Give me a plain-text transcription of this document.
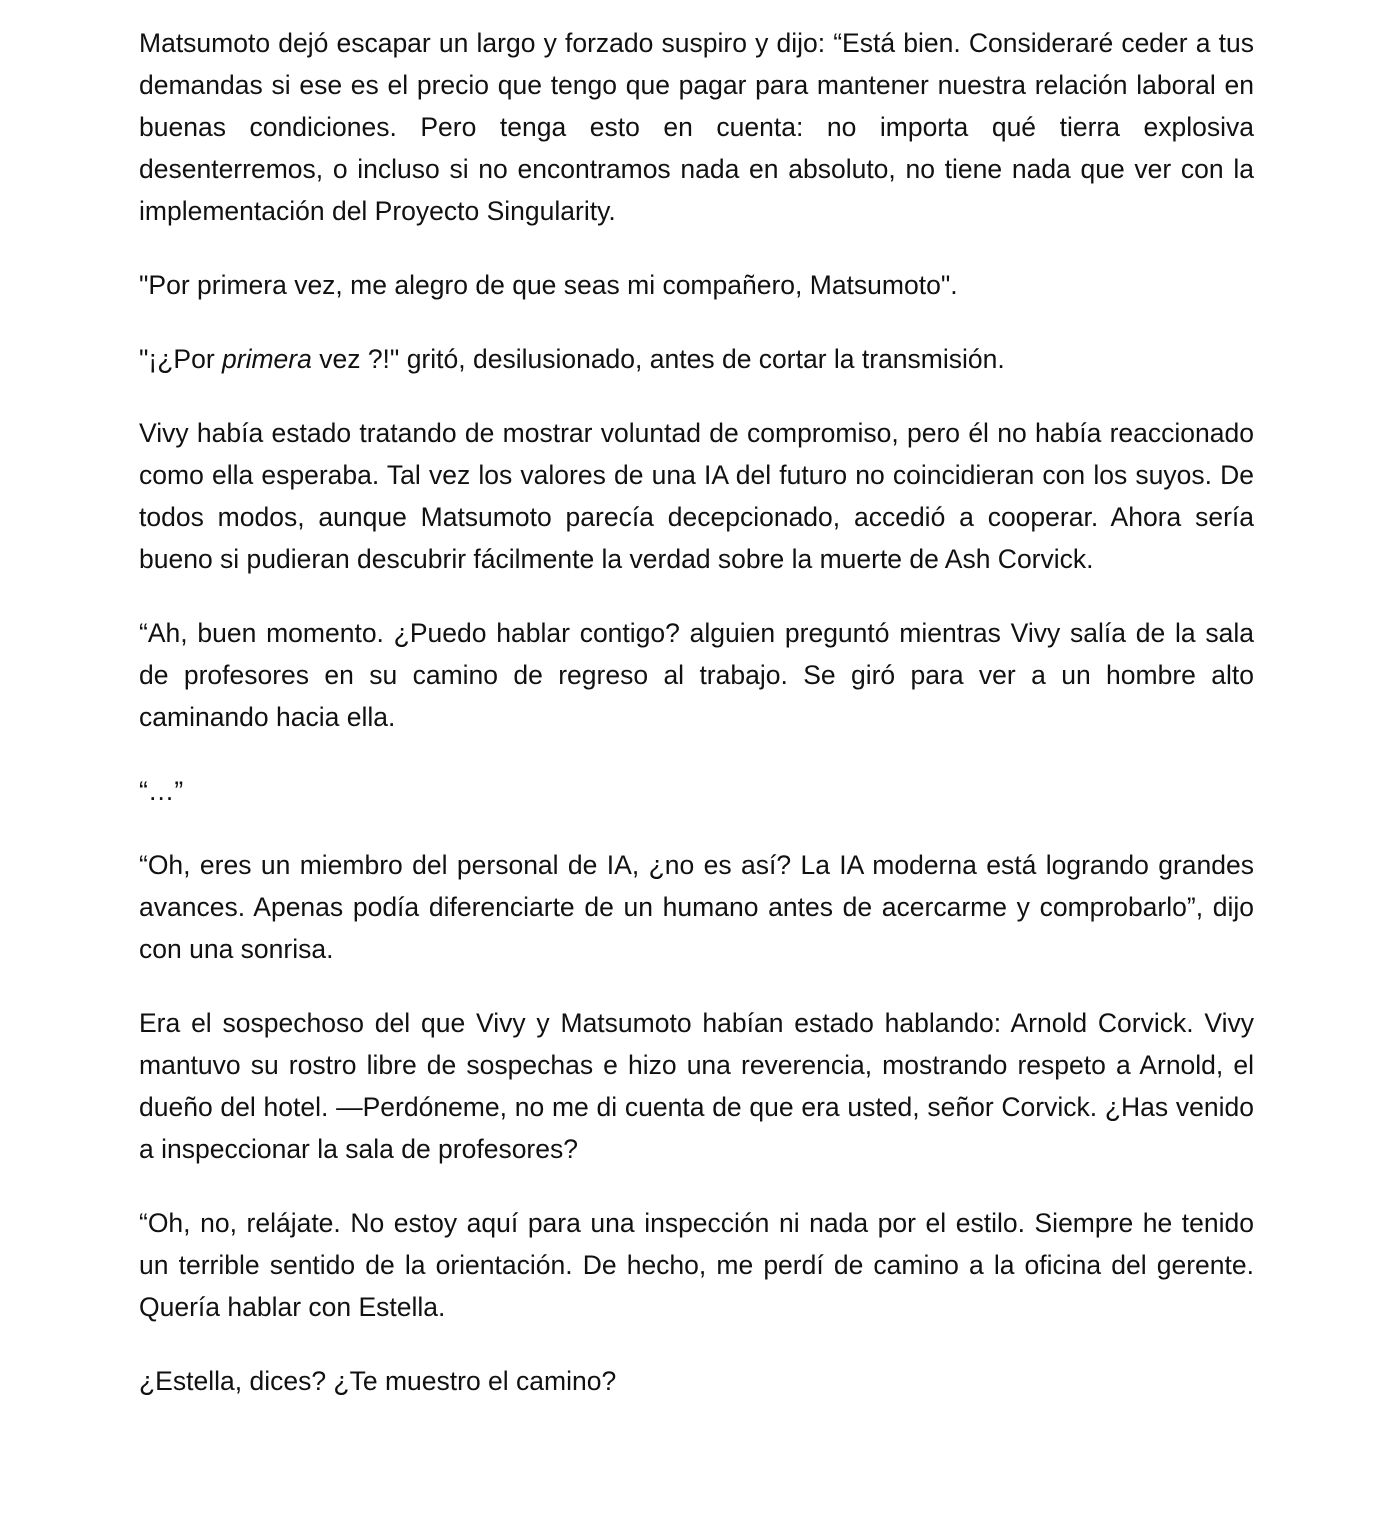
Matsumoto dejó escapar un largo y forzado suspiro y dijo: “Está bien. Consideraré ceder a tus demandas si ese es el precio que tengo que pagar para mantener nuestra relación laboral en buenas condiciones. Pero tenga esto en cuenta: no importa qué tierra explosiva desenterremos, o incluso si no encontramos nada en absoluto, no tiene nada que ver con la implementación del Proyecto Singularity.

"Por primera vez, me alegro de que seas mi compañero, Matsumoto".

"¡¿Por primera vez ?!" gritó, desilusionado, antes de cortar la transmisión.

Vivy había estado tratando de mostrar voluntad de compromiso, pero él no había reaccionado como ella esperaba. Tal vez los valores de una IA del futuro no coincidieran con los suyos. De todos modos, aunque Matsumoto parecía decepcionado, accedió a cooperar. Ahora sería bueno si pudieran descubrir fácilmente la verdad sobre la muerte de Ash Corvick.

“Ah, buen momento. ¿Puedo hablar contigo? alguien preguntó mientras Vivy salía de la sala de profesores en su camino de regreso al trabajo. Se giró para ver a un hombre alto caminando hacia ella.

“…”

“Oh, eres un miembro del personal de IA, ¿no es así? La IA moderna está logrando grandes avances. Apenas podía diferenciarte de un humano antes de acercarme y comprobarlo”, dijo con una sonrisa.

Era el sospechoso del que Vivy y Matsumoto habían estado hablando: Arnold Corvick. Vivy mantuvo su rostro libre de sospechas e hizo una reverencia, mostrando respeto a Arnold, el dueño del hotel. —Perdóneme, no me di cuenta de que era usted, señor Corvick. ¿Has venido a inspeccionar la sala de profesores?

“Oh, no, relájate. No estoy aquí para una inspección ni nada por el estilo. Siempre he tenido un terrible sentido de la orientación. De hecho, me perdí de camino a la oficina del gerente. Quería hablar con Estella.

¿Estella, dices? ¿Te muestro el camino?
